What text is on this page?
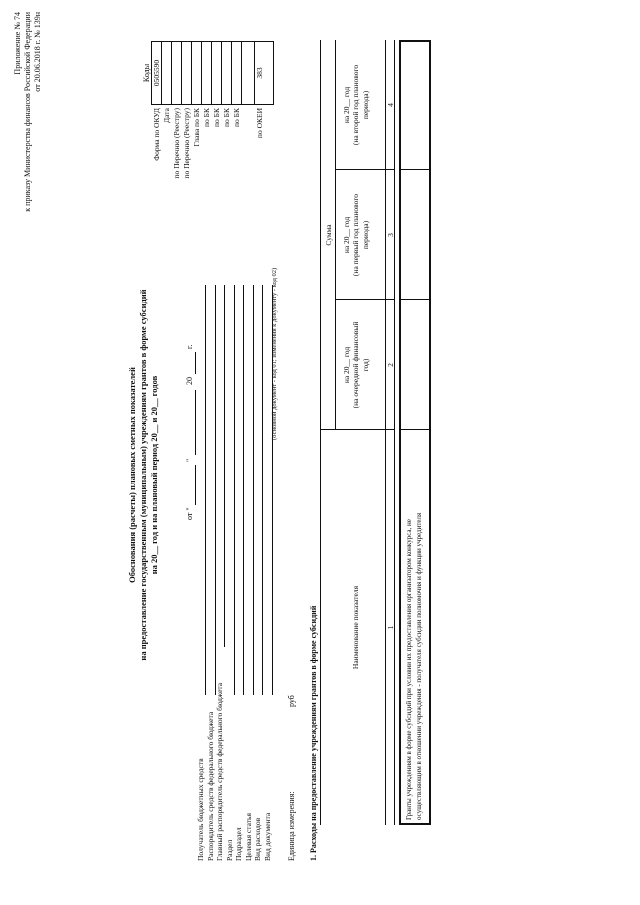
Приложение № 74 к приказу Министерства финансов Российской Федерации от 20.06.2018 г. № 139н
Обоснования (расчеты) плановых сметных показателей на предоставление государственным (муниципальным) учреждениям грантов в форме субсидий на 20__ год и на плановый период 20__ и 20__ годов	от "
"
20
г.
Коды
(основной документ - код 01; изменения к документу - код 02)
Единица измерения:
руб 1. Расходы на предоставление учреждениям грантов в форме субсидий	Наименование показателя
Сумма
на 20__ год (на очередной финансовый год)
на 20__ год (на первый год планового периода)
на 20__ год (на второй год планового периода)
1
2
3
4
Гранты учреждениям в форме субсидий при условии их предоставления организатором конкурса, не осуществляющим в отношении учреждения - получателя субсидии полномочия и функции учредителя
Форма по ОКУД
0505590
Дата по Перечню (Реестру) по Перечню (Реестру) Глава по БК по БК по БК по БК по БК по ОКЕИ
383
Получатель бюджетных средств Распорядитель средств федерального бюджета Главный распорядитель средств федерального бюджета Раздел Подраздел Целевая статья Вид расходов Вид документа
